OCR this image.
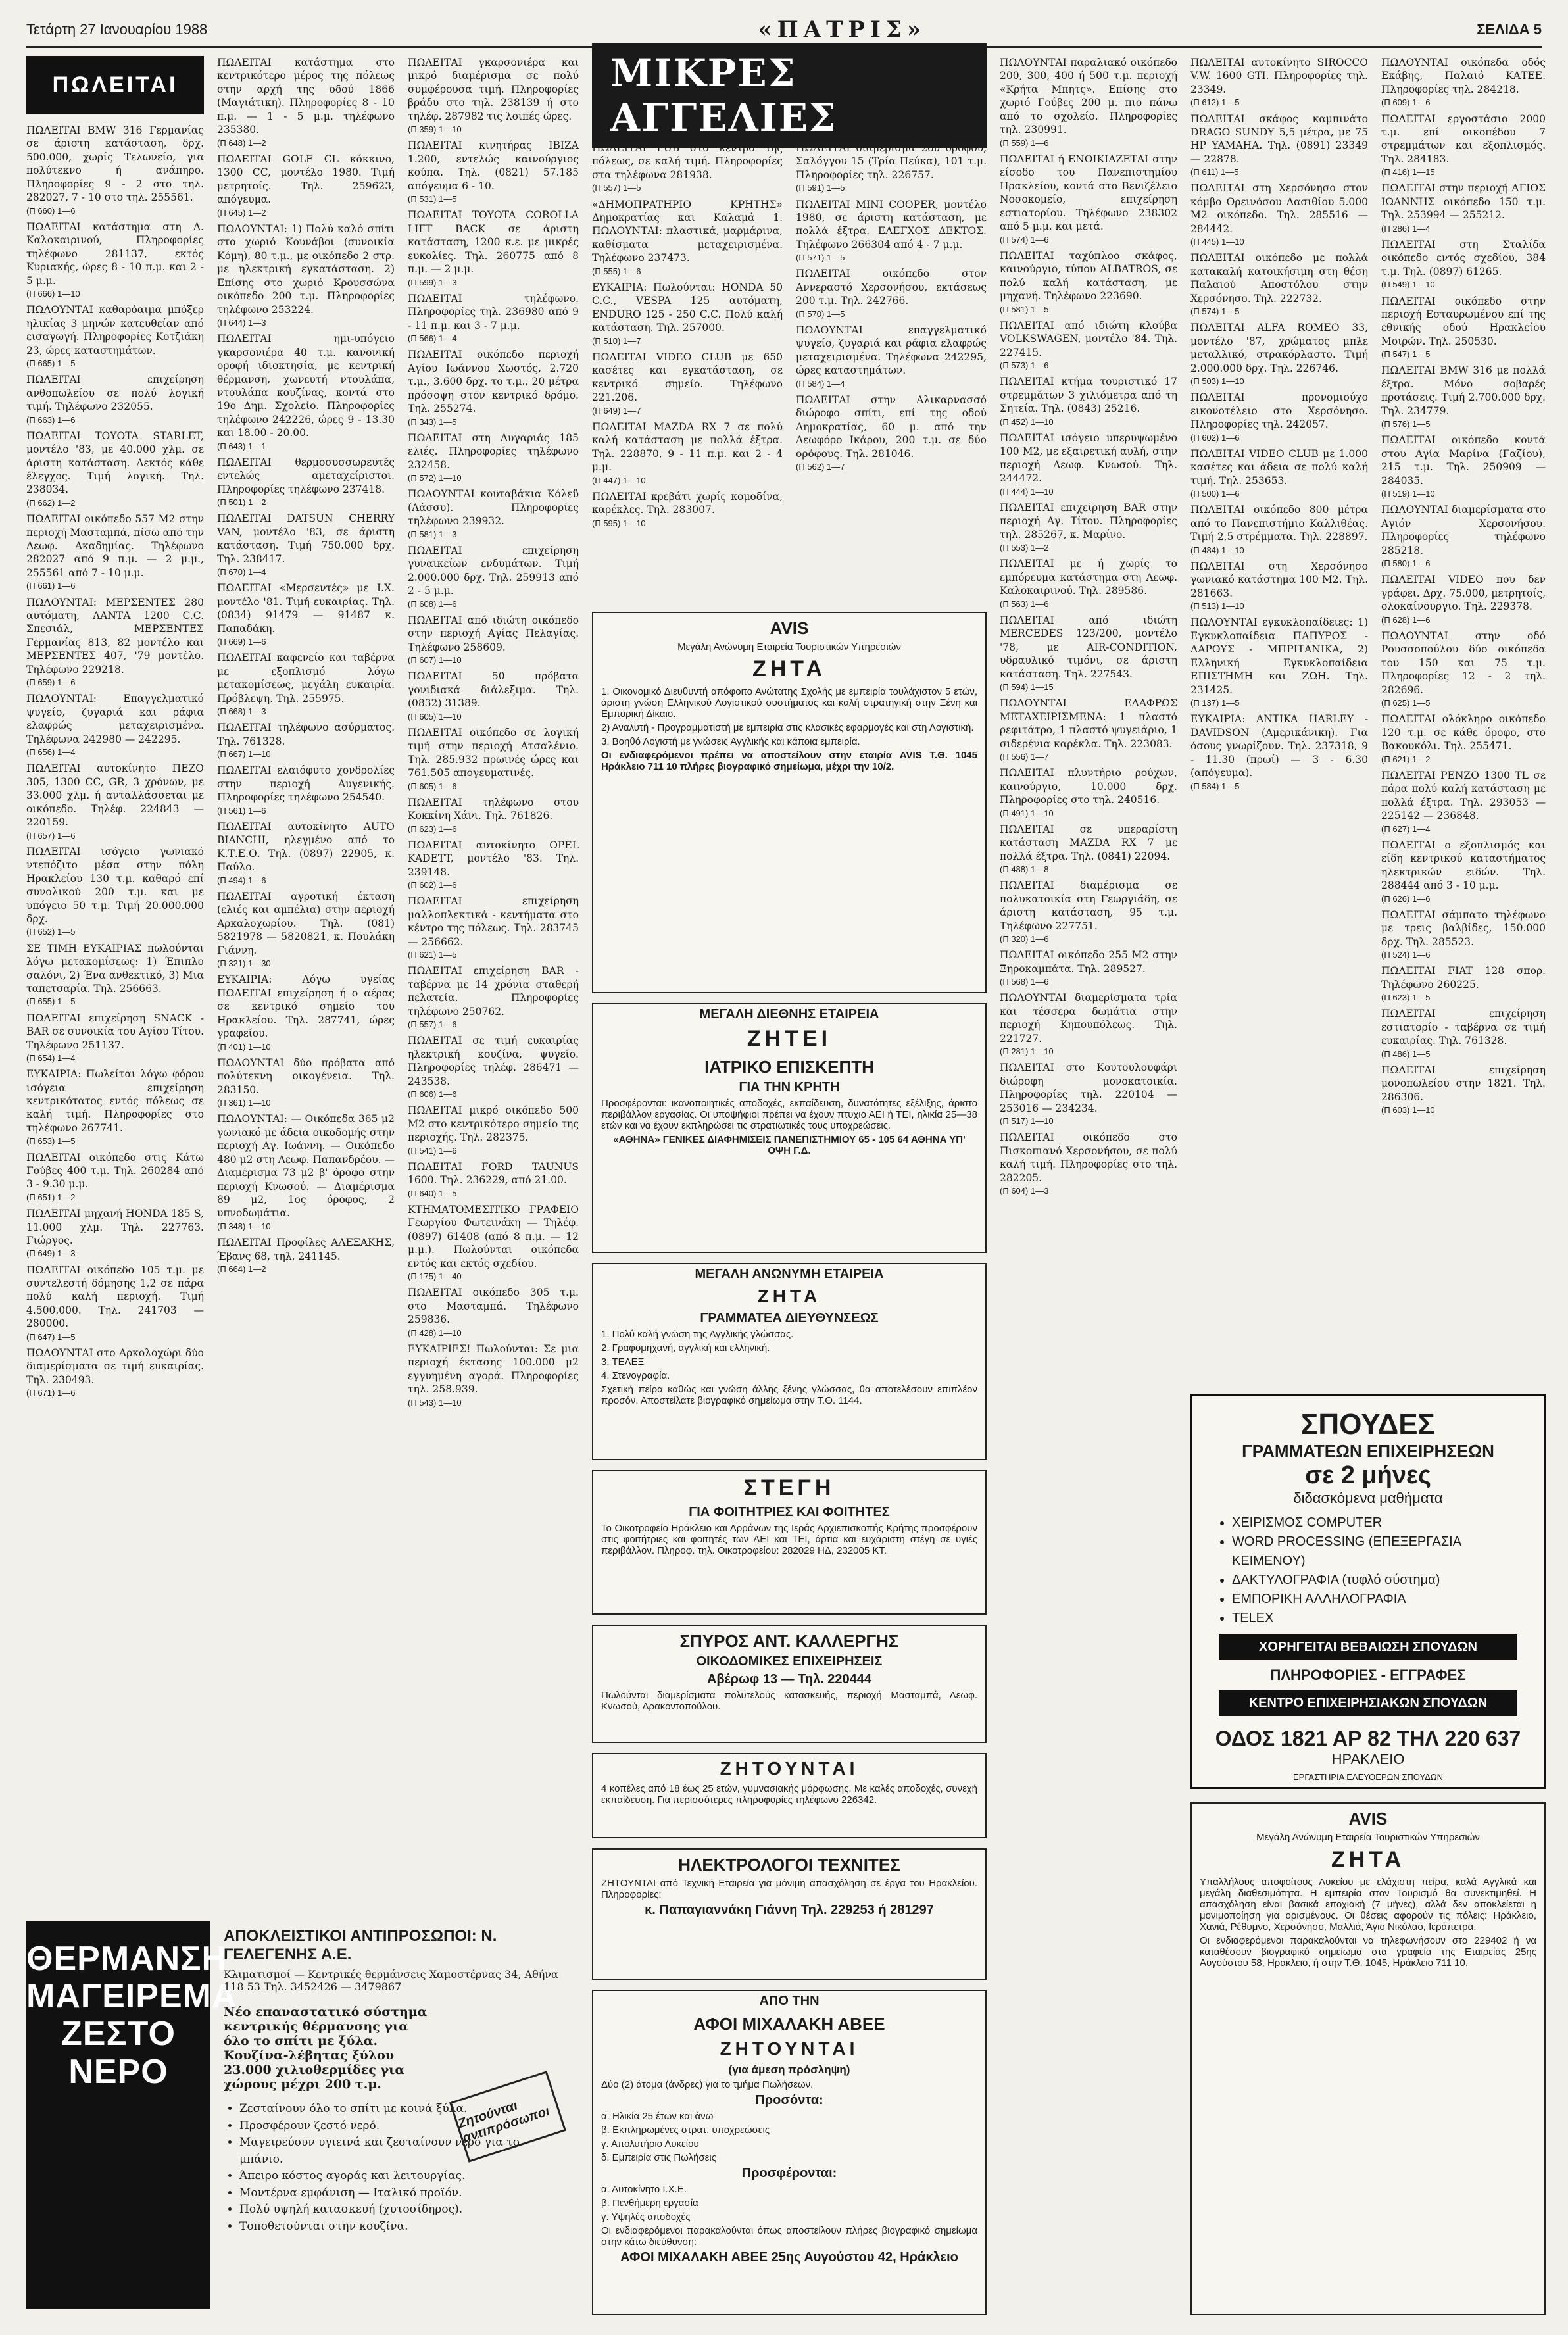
Τετάρτη 27 Ιανουαρίου 1988	«ΠΑΤΡΙΣ»	ΣΕΛΙΔΑ 5
ΠΩΛΕΙΤΑΙ

ΠΩΛΕΙΤΑΙ BMW 316 Γερμανίας σε άριστη κατάσταση, δρχ. 500.000, χωρίς Τελωνείο, για πολύτεκνο ή ανάπηρο. Πληροφορίες 9 - 2 στο τηλ. 282027, 7 - 10 στο τηλ. 255561.
(Π 660) 1—6

ΠΩΛΕΙΤΑΙ κατάστημα στη Λ. Καλοκαιρινού, Πληροφορίες τηλέφωνο 281137, εκτός Κυριακής, ώρες 8 - 10 π.μ. και 2 - 5 μ.μ.
(Π 666) 1—10

ΠΩΛΟΥΝΤΑΙ καθαρόαιμα μπόξερ ηλικίας 3 μηνών κατευθείαν από εισαγωγή. Πληροφορίες Κοτζιάκη 23, ώρες καταστημάτων.
(Π 665) 1—5

ΠΩΛΕΙΤΑΙ επιχείρηση ανθοπωλείου σε πολύ λογική τιμή. Τηλέφωνο 232055.
(Π 663) 1—6

ΠΩΛΕΙΤΑΙ TOYOTA STARLET, μοντέλο '83, με 40.000 χλμ. σε άριστη κατάσταση. Δεκτός κάθε έλεγχος. Τιμή λογική. Τηλ. 238034.
(Π 662) 1—2

ΠΩΛΕΙΤΑΙ οικόπεδο 557 Μ2 στην περιοχή Μασταμπά, πίσω από την Λεωφ. Ακαδημίας. Τηλέφωνο 282027 από 9 π.μ. — 2 μ.μ., 255561 από 7 - 10 μ.μ.
(Π 661) 1—6

ΠΩΛΟΥΝΤΑΙ: ΜΕΡΣΕΝΤΕΣ 280 αυτόματη, ΛΑΝΤΑ 1200 C.C. Σπεσιάλ, ΜΕΡΣΕΝΤΕΣ Γερμανίας 813, 82 μοντέλο και ΜΕΡΣΕΝΤΕΣ 407, '79 μοντέλο. Τηλέφωνο 229218.
(Π 659) 1—6

ΠΩΛΟΥΝΤΑΙ: Επαγγελματικό ψυγείο, ζυγαριά και ράφια ελαφρώς μεταχειρισμένα. Τηλέφωνα 242980 — 242295.
(Π 656) 1—4

ΠΩΛΕΙΤΑΙ αυτοκίνητο ΠΕΖΟ 305, 1300 CC, GR, 3 χρόνων, με 33.000 χλμ. ή ανταλλάσσεται με οικόπεδο. Τηλέφ. 224843 — 220159.
(Π 657) 1—6

ΠΩΛΕΙΤΑΙ ισόγειο γωνιακό ντεπόζιτο μέσα στην πόλη Ηρακλείου 130 τ.μ. καθαρό επί συνολικού 200 τ.μ. και με υπόγειο 50 τ.μ. Τιμή 20.000.000 δρχ.
(Π 652) 1—5

ΣΕ ΤΙΜΗ ΕΥΚΑΙΡΙΑΣ πωλούνται λόγω μετακομίσεως: 1) Έπιπλο σαλόνι, 2) Ένα ανθεκτικό, 3) Μια ταπετσαρία. Τηλ. 256663.
(Π 655) 1—5

ΠΩΛΕΙΤΑΙ επιχείρηση SNACK - BAR σε συνοικία του Αγίου Τίτου. Τηλέφωνο 251137.
(Π 654) 1—4

ΕΥΚΑΙΡΙΑ: Πωλείται λόγω φόρου ισόγεια επιχείρηση κεντρικότατος εντός πόλεως σε καλή τιμή. Πληροφορίες στο τηλέφωνο 267741.
(Π 653) 1—5

ΠΩΛΕΙΤΑΙ οικόπεδο στις Κάτω Γούβες 400 τ.μ. Τηλ. 260284 από 3 - 9.30 μ.μ.
(Π 651) 1—2

ΠΩΛΕΙΤΑΙ μηχανή HONDA 185 S, 11.000 χλμ. Τηλ. 227763. Γιώργος.
(Π 649) 1—3

ΠΩΛΕΙΤΑΙ οικόπεδο 105 τ.μ. με συντελεστή δόμησης 1,2 σε πάρα πολύ καλή περιοχή. Τιμή 4.500.000. Τηλ. 241703 — 280000.
(Π 647) 1—5

ΠΩΛΟΥΝΤΑΙ στο Αρκολοχώρι δύο διαμερίσματα σε τιμή ευκαιρίας. Τηλ. 230493.
(Π 671) 1—6

ΠΩΛΕΙΤΑΙ κατάστημα στο κεντρικότερο μέρος της πόλεως στην αρχή της οδού 1866 (Μαγιάτικη). Πληροφορίες 8 - 10 π.μ. — 1 - 5 μ.μ. τηλέφωνο 235380.
(Π 648) 1—2

ΠΩΛΕΙΤΑΙ GOLF CL κόκκινο, 1300 CC, μοντέλο 1980. Τιμή μετρητοίς. Τηλ. 259623, απόγευμα.
(Π 645) 1—2

ΠΩΛΟΥΝΤΑΙ: 1) Πολύ καλό σπίτι στο χωριό Κουνάβοι (συνοικία Κόμη), 80 τ.μ., με οικόπεδο 2 στρ. με ηλεκτρική εγκατάσταση. 2) Επίσης στο χωριό Κρουσσώνα οικόπεδο 200 τ.μ. Πληροφορίες τηλέφωνο 253224.
(Π 644) 1—3

ΠΩΛΕΙΤΑΙ ημι-υπόγειο γκαρσονιέρα 40 τ.μ. κανονική οροφή ιδιοκτησία, με κεντρική θέρμανση, χωνευτή ντουλάπα, ντουλάπα κουζίνας, κοντά στο 19ο Δημ. Σχολείο. Πληροφορίες τηλέφωνο 242226, ώρες 9 - 13.30 και 18.00 - 20.00.
(Π 643) 1—1

ΠΩΛΕΙΤΑΙ θερμοσυσσωρευτές εντελώς αμεταχείριστοι. Πληροφορίες τηλέφωνο 237418.
(Π 501) 1—2

ΠΩΛΕΙΤΑΙ DATSUN CHERRY VAN, μοντέλο '83, σε άριστη κατάσταση. Τιμή 750.000 δρχ. Τηλ. 238417.
(Π 670) 1—4

ΠΩΛΕΙΤΑΙ «Μερσεντές» με Ι.Χ. μοντέλο '81. Τιμή ευκαιρίας. Τηλ. (0834) 91479 — 91487 κ. Παπαδάκη.
(Π 669) 1—6

ΠΩΛΕΙΤΑΙ καφενείο και ταβέρνα με εξοπλισμό λόγω μετακομίσεως, μεγάλη ευκαιρία. Πρόβλεψη. Τηλ. 255975.
(Π 668) 1—3

ΠΩΛΕΙΤΑΙ τηλέφωνο ασύρματος. Τηλ. 761328.
(Π 667) 1—10

ΠΩΛΕΙΤΑΙ ελαιόφυτο χονδρολίες στην περιοχή Αυγενικής. Πληροφορίες τηλέφωνο 254540.
(Π 561) 1—6

ΠΩΛΕΙΤΑΙ αυτοκίνητο AUTO BIANCHI, ηλεγμένο από το Κ.Τ.Ε.Ο. Τηλ. (0897) 22905, κ. Παύλο.
(Π 494) 1—6

ΠΩΛΕΙΤΑΙ αγροτική έκταση (ελιές και αμπέλια) στην περιοχή Αρκαλοχωρίου. Τηλ. (081) 5821978 — 5820821, κ. Πουλάκη Γιάννη.
(Π 321) 1—30

ΕΥΚΑΙΡΙΑ: Λόγω υγείας ΠΩΛΕΙΤΑΙ επιχείρηση ή ο αέρας σε κεντρικό σημείο του Ηρακλείου. Τηλ. 287741, ώρες γραφείου.
(Π 401) 1—10

ΠΩΛΟΥΝΤΑΙ δύο πρόβατα από πολύτεκνη οικογένεια. Τηλ. 283150.
(Π 361) 1—10

ΠΩΛΟΥΝΤΑΙ: — Οικόπεδα 365 μ2 γωνιακό με άδεια οικοδομής στην περιοχή Αγ. Ιωάννη. — Οικόπεδο 480 μ2 στη Λεωφ. Παπανδρέου. — Διαμέρισμα 73 μ2 β' όροφο στην περιοχή Κνωσού. — Διαμέρισμα 89 μ2, 1ος όροφος, 2 υπνοδωμάτια.
(Π 348) 1—10

ΠΩΛΕΙΤΑΙ Προφίλες ΑΛΕΞΑΚΗΣ, Έβανς 68, τηλ. 241145.
(Π 664) 1—2

ΠΩΛΕΙΤΑΙ γκαρσονιέρα και μικρό διαμέρισμα σε πολύ συμφέρουσα τιμή. Πληροφορίες βράδυ στο τηλ. 238139 ή στο τηλέφ. 287982 τις λοιπές ώρες.
(Π 359) 1—10

ΠΩΛΕΙΤΑΙ κινητήρας IBIZA 1.200, εντελώς καινούργιος κούπα. Τηλ. (0821) 57.185 απόγευμα 6 - 10.
(Π 531) 1—5

ΠΩΛΕΙΤΑΙ TOYOTA COROLLA LIFT BACK σε άριστη κατάσταση, 1200 κ.ε. με μικρές ευκολίες. Τηλ. 260775 από 8 π.μ. — 2 μ.μ.
(Π 599) 1—3

ΠΩΛΕΙΤΑΙ τηλέφωνο. Πληροφορίες τηλ. 236980 από 9 - 11 π.μ. και 3 - 7 μ.μ.
(Π 566) 1—4

ΠΩΛΕΙΤΑΙ οικόπεδο περιοχή Αγίου Ιωάννου Χωστός, 2.720 τ.μ., 3.600 δρχ. το τ.μ., 20 μέτρα πρόσοψη στον κεντρικό δρόμο. Τηλ. 255274.
(Π 343) 1—5

ΠΩΛΕΙΤΑΙ στη Λυγαριάς 185 ελιές. Πληροφορίες τηλέφωνο 232458.
(Π 572) 1—10

ΠΩΛΟΥΝΤΑΙ κουταβάκια Κόλεϋ (Λάσσυ). Πληροφορίες τηλέφωνο 239932.
(Π 581) 1—3

ΠΩΛΕΙΤΑΙ επιχείρηση γυναικείων ενδυμάτων. Τιμή 2.000.000 δρχ. Τηλ. 259913 από 2 - 5 μ.μ.
(Π 608) 1—6

ΠΩΛΕΙΤΑΙ από ιδιώτη οικόπεδο στην περιοχή Αγίας Πελαγίας. Τηλέφωνο 258609.
(Π 607) 1—10

ΠΩΛΕΙΤΑΙ 50 πρόβατα γονιδιακά διάλεξιμα. Τηλ. (0832) 31389.
(Π 605) 1—10

ΠΩΛΕΙΤΑΙ οικόπεδο σε λογική τιμή στην περιοχή Ατσαλένιο. Τηλ. 285.932 πρωινές ώρες και 761.505 απογευματινές.
(Π 605) 1—6

ΠΩΛΕΙΤΑΙ τηλέφωνο στου Κοκκίνη Χάνι. Τηλ. 761826.
(Π 623) 1—6

ΠΩΛΕΙΤΑΙ αυτοκίνητο OPEL KADETT, μοντέλο '83. Τηλ. 239148.
(Π 602) 1—6

ΠΩΛΕΙΤΑΙ επιχείρηση μαλλοπλεκτικά - κεντήματα στο κέντρο της πόλεως. Τηλ. 283745 — 256662.
(Π 621) 1—5

ΠΩΛΕΙΤΑΙ επιχείρηση BAR - ταβέρνα με 14 χρόνια σταθερή πελατεία. Πληροφορίες τηλέφωνο 250762.
(Π 557) 1—6

ΠΩΛΕΙΤΑΙ σε τιμή ευκαιρίας ηλεκτρική κουζίνα, ψυγείο. Πληροφορίες τηλέφ. 286471 — 243538.
(Π 606) 1—6

ΠΩΛΕΙΤΑΙ μικρό οικόπεδο 500 Μ2 στο κεντρικότερο σημείο της περιοχής. Τηλ. 282375.
(Π 541) 1—6

ΠΩΛΕΙΤΑΙ FORD TAUNUS 1600. Τηλ. 236229, από 21.00.
(Π 640) 1—5

ΚΤΗΜΑΤΟΜΕΣΙΤΙΚΟ ΓΡΑΦΕΙΟ Γεωργίου Φωτεινάκη — Τηλέφ. (0897) 61408 (από 8 π.μ. — 12 μ.μ.). Πωλούνται οικόπεδα εντός και εκτός σχεδίου.
(Π 175) 1—40

ΠΩΛΕΙΤΑΙ οικόπεδο 305 τ.μ. στο Μασταμπά. Τηλέφωνο 259836.
(Π 428) 1—10

ΕΥΚΑΙΡΙΕΣ! Πωλούνται: Σε μια περιοχή έκτασης 100.000 μ2 εγγυημένη αγορά. Πληροφορίες τηλ. 258.939.
(Π 543) 1—10

ΜΙΚΡΕΣ ΑΓΓΕΛΙΕΣ

ΠΩΛΕΙΤΑΙ PUB στο κέντρο της πόλεως, σε καλή τιμή. Πληροφορίες στα τηλέφωνα 281938.
(Π 557) 1—5

«ΔΗΜΟΠΡΑΤΗΡΙΟ ΚΡΗΤΗΣ» Δημοκρατίας και Καλαμά 1. ΠΩΛΟΥΝΤΑΙ: πλαστικά, μαρμάρινα, καθίσματα μεταχειρισμένα. Τηλέφωνο 237473.
(Π 555) 1—6

ΕΥΚΑΙΡΙΑ: Πωλούνται: HONDA 50 C.C., VESPA 125 αυτόματη, ENDURO 125 - 250 C.C. Πολύ καλή κατάσταση. Τηλ. 257000.
(Π 510) 1—7

ΠΩΛΕΙΤΑΙ VIDEO CLUB με 650 κασέτες και εγκατάσταση, σε κεντρικό σημείο. Τηλέφωνο 221.206.
(Π 649) 1—7

ΠΩΛΕΙΤΑΙ MAZDA RX 7 σε πολύ καλή κατάσταση με πολλά έξτρα. Τηλ. 228870, 9 - 11 π.μ. και 2 - 4 μ.μ.
(Π 447) 1—10

ΠΩΛΕΙΤΑΙ κρεβάτι χωρίς κομοδίνα, καρέκλες. Τηλ. 283007.
(Π 595) 1—10

ΠΩΛΕΙΤΑΙ διαμέρισμα 2ου ορόφου, Σαλόγγου 15 (Τρία Πεύκα), 101 τ.μ. Πληροφορίες τηλ. 226757.
(Π 591) 1—5

ΠΩΛΕΙΤΑΙ MINI COOPER, μοντέλο 1980, σε άριστη κατάσταση, με πολλά έξτρα. ΕΛΕΓΧΟΣ ΔΕΚΤΟΣ. Τηλέφωνο 266304 από 4 - 7 μ.μ.
(Π 571) 1—5

ΠΩΛΕΙΤΑΙ οικόπεδο στον Αννεραστό Χερσονήσου, εκτάσεως 200 τ.μ. Τηλ. 242766.
(Π 570) 1—5

ΠΩΛΟΥΝΤΑΙ επαγγελματικό ψυγείο, ζυγαριά και ράφια ελαφρώς μεταχειρισμένα. Τηλέφωνα 242295, ώρες καταστημάτων.
(Π 584) 1—4

ΠΩΛΕΙΤΑΙ στην Αλικαρνασσό διώροφο σπίτι, επί της οδού Δημοκρατίας, 60 μ. από την Λεωφόρο Ικάρου, 200 τ.μ. σε δύο ορόφους. Τηλ. 281046.
(Π 562) 1—7

AVIS
Μεγάλη Ανώνυμη Εταιρεία Τουριστικών Υπηρεσιών
ΖΗΤΑ

1. Οικονομικό Διευθυντή απόφοιτο Ανώτατης Σχολής με εμπειρία τουλάχιστον 5 ετών, άριστη γνώση Ελληνικού Λογιστικού συστήματος και καλή στρατηγική στην Ξένη και Εμπορική Δίκαιο.

2) Αναλυτή - Προγραμματιστή με εμπειρία στις κλασικές εφαρμογές και στη Λογιστική.

3. Βοηθό Λογιστή με γνώσεις Αγγλικής και κάποια εμπειρία.

Οι ενδιαφερόμενοι πρέπει να αποστείλουν στην εταιρία AVIS Τ.Θ. 1045 Ηράκλειο 711 10 πλήρες βιογραφικό σημείωμα, μέχρι την 10/2.

ΜΕΓΑΛΗ ΔΙΕΘΝΗΣ ΕΤΑΙΡΕΙΑ
ΖΗΤΕΙ
ΙΑΤΡΙΚΟ ΕΠΙΣΚΕΠΤΗ
ΓΙΑ ΤΗΝ ΚΡΗΤΗ

Προσφέρονται: ικανοποιητικές αποδοχές, εκπαίδευση, δυνατότητες εξέλιξης, άριστο περιβάλλον εργασίας. Οι υποψήφιοι πρέπει να έχουν πτυχιο ΑΕΙ ή ΤΕΙ, ηλικία 25—38 ετών και να έχουν εκπληρώσει τις στρατιωτικές τους υποχρεώσεις.

«ΑΘΗΝΑ» ΓΕΝΙΚΕΣ ΔΙΑΦΗΜΙΣΕΙΣ ΠΑΝΕΠΙΣΤΗΜΙΟΥ 65 - 105 64 ΑΘΗΝΑ ΥΠ' ΟΨΗ Γ.Δ.

ΜΕΓΑΛΗ ΑΝΩΝΥΜΗ ΕΤΑΙΡΕΙΑ
ΖΗΤΑ
ΓΡΑΜΜΑΤΕΑ ΔΙΕΥΘΥΝΣΕΩΣ

1. Πολύ καλή γνώση της Αγγλικής γλώσσας.

2. Γραφομηχανή, αγγλική και ελληνική.

3. ΤΕΛΕΞ

4. Στενογραφία.

Σχετική πείρα καθώς και γνώση άλλης ξένης γλώσσας, θα αποτελέσουν επιπλέον προσόν. Αποστείλατε βιογραφικό σημείωμα στην Τ.Θ. 1144.

ΣΤΕΓΗ
ΓΙΑ ΦΟΙΤΗΤΡΙΕΣ ΚΑΙ ΦΟΙΤΗΤΕΣ

Το Οικοτροφείο Ηράκλειο και Αρράνων της Ιεράς Αρχιεπισκοπής Κρήτης προσφέρουν στις φοιτήτριες και φοιτητές των ΑΕΙ και ΤΕΙ, άρτια και ευχάριστη στέγη σε υγιές περιβάλλον. Πληροφ. τηλ. Οικοτροφείου: 282029 ΗΔ, 232005 ΚΤ.

ΣΠΥΡΟΣ ΑΝΤ. ΚΑΛΛΕΡΓΗΣ
ΟΙΚΟΔΟΜΙΚΕΣ ΕΠΙΧΕΙΡΗΣΕΙΣ
Αβέρωφ 13 — Τηλ. 220444

Πωλούνται διαμερίσματα πολυτελούς κατασκευής, περιοχή Μασταμπά, Λεωφ. Κνωσού, Δρακοντοπούλου.

ΖΗΤΟΥΝΤΑΙ

4 κοπέλες από 18 έως 25 ετών, γυμνασιακής μόρφωσης. Με καλές αποδοχές, συνεχή εκπαίδευση. Για περισσότερες πληροφορίες τηλέφωνο 226342.

ΗΛΕΚΤΡΟΛΟΓΟΙ ΤΕΧΝΙΤΕΣ

ΖΗΤΟΥΝΤΑΙ από Τεχνική Εταιρεία για μόνιμη απασχόληση σε έργα του Ηρακλείου. Πληροφορίες:

κ. Παπαγιαννάκη Γιάννη Τηλ. 229253 ή 281297
ΑΠΟ ΤΗΝ
ΑΦΟΙ ΜΙΧΑΛΑΚΗ ΑΒΕΕ
ΖΗΤΟΥΝΤΑΙ
(για άμεση πρόσληψη)

Δύο (2) άτομα (άνδρες) για το τμήμα Πωλήσεων.

Προσόντα:

α. Ηλικία 25 έτων και άνω

β. Εκπληρωμένες στρατ. υποχρεώσεις

γ. Απολυτήριο Λυκείου

δ. Εμπειρία στις Πωλήσεις

Προσφέρονται:

α. Αυτοκίνητο Ι.Χ.Ε.

β. Πενθήμερη εργασία

γ. Υψηλές αποδοχές

Οι ενδιαφερόμενοι παρακαλούνται όπως αποστείλουν πλήρες βιογραφικό σημείωμα στην κάτω διεύθυνση:

ΑΦΟΙ ΜΙΧΑΛΑΚΗ ΑΒΕΕ 25ης Αυγούστου 42, Ηράκλειο

ΠΩΛΟΥΝΤΑΙ παραλιακό οικόπεδο 200, 300, 400 ή 500 τ.μ. περιοχή «Κρήτα Μπητς». Επίσης στο χωριό Γούβες 200 μ. πιο πάνω από το σχολείο. Πληροφορίες τηλ. 230991.
(Π 559) 1—6

ΠΩΛΕΙΤΑΙ ή ΕΝΟΙΚΙΑΖΕΤΑΙ στην είσοδο του Πανεπιστημίου Ηρακλείου, κοντά στο Βενιζέλειο Νοσοκομείο, επιχείρηση εστιατορίου. Τηλέφωνο 238302 από 5 μ.μ. και μετά.
(Π 574) 1—6

ΠΩΛΕΙΤΑΙ ταχύπλοο σκάφος, καινούργιο, τύπου ALBATROS, σε πολύ καλή κατάσταση, με μηχανή. Τηλέφωνο 223690.
(Π 581) 1—5

ΠΩΛΕΙΤΑΙ από ιδιώτη κλούβα VOLKSWAGEN, μοντέλο '84. Τηλ. 227415.
(Π 573) 1—6

ΠΩΛΕΙΤΑΙ κτήμα τουριστικό 17 στρεμμάτων 3 χιλιόμετρα από τη Σητεία. Τηλ. (0843) 25216.
(Π 452) 1—10

ΠΩΛΕΙΤΑΙ ισόγειο υπερυψωμένο 100 Μ2, με εξαιρετική αυλή, στην περιοχή Λεωφ. Κνωσού. Τηλ. 244472.
(Π 444) 1—10

ΠΩΛΕΙΤΑΙ επιχείρηση BAR στην περιοχή Αγ. Τίτου. Πληροφορίες τηλ. 285267, κ. Μαρίνο.
(Π 553) 1—2

ΠΩΛΕΙΤΑΙ με ή χωρίς το εμπόρευμα κατάστημα στη Λεωφ. Καλοκαιρινού. Τηλ. 289586.
(Π 563) 1—6

ΠΩΛΕΙΤΑΙ από ιδιώτη MERCEDES 123/200, μοντέλο '78, με AIR-CONDITION, υδραυλικό τιμόνι, σε άριστη κατάσταση. Τηλ. 227543.
(Π 594) 1—15

ΠΩΛΟΥΝΤΑΙ ΕΛΑΦΡΩΣ ΜΕΤΑΧΕΙΡΙΣΜΕΝΑ: 1 πλαστό ρεφιτάτρο, 1 πλαστό ψυγειάριο, 1 σιδερένια καρέκλα. Τηλ. 223083.
(Π 556) 1—7

ΠΩΛΕΙΤΑΙ πλυντήριο ρούχων, καινούργιο, 10.000 δρχ. Πληροφορίες στο τηλ. 240516.
(Π 491) 1—10

ΠΩΛΕΙΤΑΙ σε υπεραρίστη κατάσταση MAZDA RX 7 με πολλά έξτρα. Τηλ. (0841) 22094.
(Π 488) 1—8

ΠΩΛΕΙΤΑΙ διαμέρισμα σε πολυκατοικία στη Γεωργιάδη, σε άριστη κατάσταση, 95 τ.μ. Τηλέφωνο 227751.
(Π 320) 1—6

ΠΩΛΕΙΤΑΙ οικόπεδο 255 Μ2 στην Ξηροκαμπάτα. Τηλ. 289527.
(Π 568) 1—6

ΠΩΛΟΥΝΤΑΙ διαμερίσματα τρία και τέσσερα δωμάτια στην περιοχή Κηπουπόλεως. Τηλ. 221727.
(Π 281) 1—10

ΠΩΛΕΙΤΑΙ στο Κουτουλουφάρι διώροφη μονοκατοικία. Πληροφορίες τηλ. 220104 — 253016 — 234234.
(Π 517) 1—10

ΠΩΛΕΙΤΑΙ οικόπεδο στο Πισκοπιανό Χερσονήσου, σε πολύ καλή τιμή. Πληροφορίες στο τηλ. 282205.
(Π 604) 1—3

ΠΩΛΕΙΤΑΙ αυτοκίνητο SIROCCO V.W. 1600 GTI. Πληροφορίες τηλ. 23349.
(Π 612) 1—5

ΠΩΛΕΙΤΑΙ σκάφος καμπινάτο DRAGO SUNDY 5,5 μέτρα, με 75 ΗΡ YAMAHA. Τηλ. (0891) 23349 — 22878.
(Π 611) 1—5

ΠΩΛΕΙΤΑΙ στη Χερσόνησο στον κόμβο Ορεινόσου Λασιθίου 5.000 Μ2 οικόπεδο. Τηλ. 285516 — 284442.
(Π 445) 1—10

ΠΩΛΕΙΤΑΙ οικόπεδο με πολλά κατακαλή κατοικήσιμη στη θέση Παλαιού Αποστόλου στην Χερσόνησο. Τηλ. 222732.
(Π 574) 1—5

ΠΩΛΕΙΤΑΙ ALFA ROMEO 33, μοντέλο '87, χρώματος μπλε μεταλλικό, στρακόρλαστο. Τιμή 2.000.000 δρχ. Τηλ. 226746.
(Π 503) 1—10

ΠΩΛΕΙΤΑΙ προνομιούχο εικονοτέλειο στο Χερσόνησο. Πληροφορίες τηλ. 242057.
(Π 602) 1—6

ΠΩΛΕΙΤΑΙ VIDEO CLUB με 1.000 κασέτες και άδεια σε πολύ καλή τιμή. Τηλ. 253653.
(Π 500) 1—6

ΠΩΛΕΙΤΑΙ οικόπεδο 800 μέτρα από το Πανεπιστήμιο Καλλιθέας. Τιμή 2,5 στρέμματα. Τηλ. 228897.
(Π 484) 1—10

ΠΩΛΕΙΤΑΙ στη Χερσόνησο γωνιακό κατάστημα 100 Μ2. Τηλ. 281663.
(Π 513) 1—10

ΠΩΛΟΥΝΤΑΙ εγκυκλοπαίδειες: 1) Εγκυκλοπαίδεια ΠΑΠΥΡΟΣ - ΛΑΡΟΥΣ - ΜΠΡΙΤΑΝΙΚΑ, 2) Ελληνική Εγκυκλοπαίδεια ΕΠΙΣΤΗΜΗ και ΖΩΗ. Τηλ. 231425.
(Π 137) 1—5

ΕΥΚΑΙΡΙΑ: ANTIKA HARLEY - DAVIDSON (Αμερικάνικη). Για όσους γνωρίζουν. Τηλ. 237318, 9 - 11.30 (πρωί) — 3 - 6.30 (απόγευμα).
(Π 584) 1—5

ΠΩΛΟΥΝΤΑΙ οικόπεδα οδός Εκάβης, Παλαιό ΚΑΤΕΕ. Πληροφορίες τηλ. 284218.
(Π 609) 1—6

ΠΩΛΕΙΤΑΙ εργοστάσιο 2000 τ.μ. επί οικοπέδου 7 στρεμμάτων και εξοπλισμός. Τηλ. 284183.
(Π 416) 1—15

ΠΩΛΕΙΤΑΙ στην περιοχή ΑΓΙΟΣ ΙΩΑΝΝΗΣ οικόπεδο 150 τ.μ. Τηλ. 253994 — 255212.
(Π 286) 1—4

ΠΩΛΕΙΤΑΙ στη Σταλίδα οικόπεδο εντός σχεδίου, 384 τ.μ. Τηλ. (0897) 61265.
(Π 549) 1—10

ΠΩΛΕΙΤΑΙ οικόπεδο στην περιοχή Εσταυρωμένου επί της εθνικής οδού Ηρακλείου Μοιρών. Τηλ. 250530.
(Π 547) 1—5

ΠΩΛΕΙΤΑΙ BMW 316 με πολλά έξτρα. Μόνο σοβαρές προτάσεις. Τιμή 2.700.000 δρχ. Τηλ. 234779.
(Π 576) 1—5

ΠΩΛΕΙΤΑΙ οικόπεδο κοντά στου Αγία Μαρίνα (Γαζίου), 215 τ.μ. Τηλ. 250909 — 284035.
(Π 519) 1—10

ΠΩΛΟΥΝΤΑΙ διαμερίσματα στο Αγιόν Χερσονήσου. Πληροφορίες τηλέφωνο 285218.
(Π 580) 1—6

ΠΩΛΕΙΤΑΙ VIDEO που δεν γράφει. Δρχ. 75.000, μετρητοίς, ολοκαίνουργιο. Τηλ. 229378.
(Π 628) 1—6

ΠΩΛΟΥΝΤΑΙ στην οδό Ρουσσοπούλου δύο οικόπεδα του 150 και 75 τ.μ. Πληροφορίες 12 - 2 τηλ. 282696.
(Π 625) 1—5

ΠΩΛΕΙΤΑΙ ολόκληρο οικόπεδο 120 τ.μ. σε κάθε όροφο, στο Βακουκόλι. Τηλ. 255471.
(Π 621) 1—2

ΠΩΛΕΙΤΑΙ PENZO 1300 TL σε πάρα πολύ καλή κατάσταση με πολλά έξτρα. Τηλ. 293053 — 225142 — 236848.
(Π 627) 1—4

ΠΩΛΕΙΤΑΙ ο εξοπλισμός και είδη κεντρικού καταστήματος ηλεκτρικών ειδών. Τηλ. 288444 από 3 - 10 μ.μ.
(Π 626) 1—6

ΠΩΛΕΙΤΑΙ σάμπατο τηλέφωνο με τρεις βαλβίδες, 150.000 δρχ. Τηλ. 285523.
(Π 524) 1—6

ΠΩΛΕΙΤΑΙ FIAT 128 σπορ. Τηλέφωνο 260225.
(Π 623) 1—5

ΠΩΛΕΙΤΑΙ επιχείρηση εστιατορίο - ταβέρνα σε τιμή ευκαιρίας. Τηλ. 761328.
(Π 486) 1—5

ΠΩΛΕΙΤΑΙ επιχείρηση μονοπωλείου στην 1821. Τηλ. 286306.
(Π 603) 1—10

ΘΕΡΜΑΝΣΗ
ΜΑΓΕΙΡΕΜΑ
ΖΕΣΤΟ ΝΕΡΟ
ΑΠΟΚΛΕΙΣΤΙΚΟΙ ΑΝΤΙΠΡΟΣΩΠΟΙ: Ν. ΓΕΛΕΓΕΝΗΣ Α.Ε.
Κλιματισμοί — Κεντρικές θερμάνσεις Χαμοστέρνας 34, Αθήνα 118 53 Τηλ. 3452426 — 3479867
Νέο επαναστατικό σύστημα κεντρικής θέρμανσης για όλο το σπίτι με ξύλα. Κουζίνα-λέβητας ξύλου 23.000 χιλιοθερμίδες για χώρους μέχρι 200 τ.μ.
Ζητούνται αντιπρόσωποι
• Ζεσταίνουν όλο το σπίτι με κοινά ξύλα.
• Προσφέρουν ζεστό νερό.
• Μαγειρεύουν υγιεινά και ζεσταίνουν νερό για το μπάνιο.
• Άπειρο κόστος αγοράς και λειτουργίας.
• Μοντέρνα εμφάνιση — Ιταλικό προϊόν.
• Πολύ υψηλή κατασκευή (χυτοσίδηρος).
• Τοποθετούνται στην κουζίνα.
ΣΠΟΥΔΕΣ
ΓΡΑΜΜΑΤΕΩΝ ΕΠΙΧΕΙΡΗΣΕΩΝ
σε 2 μήνες
διδασκόμενα μαθήματα
• ΧΕΙΡΙΣΜΟΣ COMPUTER
• WORD PROCESSING (ΕΠΕΞΕΡΓΑΣΙΑ ΚΕΙΜΕΝΟΥ)
• ΔΑΚΤΥΛΟΓΡΑΦΙΑ (τυφλό σύστημα)
• ΕΜΠΟΡΙΚΗ ΑΛΛΗΛΟΓΡΑΦΙΑ
• TELEX
ΧΟΡΗΓΕΙΤΑΙ ΒΕΒΑΙΩΣΗ ΣΠΟΥΔΩΝ
ΠΛΗΡΟΦΟΡΙΕΣ - ΕΓΓΡΑΦΕΣ
ΚΕΝΤΡΟ ΕΠΙΧΕΙΡΗΣΙΑΚΩΝ ΣΠΟΥΔΩΝ
ΟΔΟΣ 1821 ΑΡ 82 ΤΗΛ 220 637
ΗΡΑΚΛΕΙΟ
ΕΡΓΑΣΤΗΡΙΑ ΕΛΕΥΘΕΡΩΝ ΣΠΟΥΔΩΝ
AVIS
Μεγάλη Ανώνυμη Εταιρεία Τουριστικών Υπηρεσιών
ΖΗΤΑ

Υπαλλήλους αποφοίτους Λυκείου με ελάχιστη πείρα, καλά Αγγλικά και μεγάλη διαθεσιμότητα. Η εμπειρία στον Τουρισμό θα συνεκτιμηθεί. Η απασχόληση είναι βασικά εποχιακή (7 μήνες), αλλά δεν αποκλείεται η μονιμοποίηση για ορισμένους. Οι θέσεις αφορούν τις πόλεις: Ηράκλειο, Χανιά, Ρέθυμνο, Χερσόνησο, Μαλλιά, Άγιο Νικόλαο, Ιεράπετρα.

Οι ενδιαφερόμενοι παρακαλούνται να τηλεφωνήσουν στο 229402 ή να καταθέσουν βιογραφικό σημείωμα στα γραφεία της Εταιρείας 25ης Αυγούστου 58, Ηράκλειο, ή στην Τ.Θ. 1045, Ηράκλειο 711 10.
